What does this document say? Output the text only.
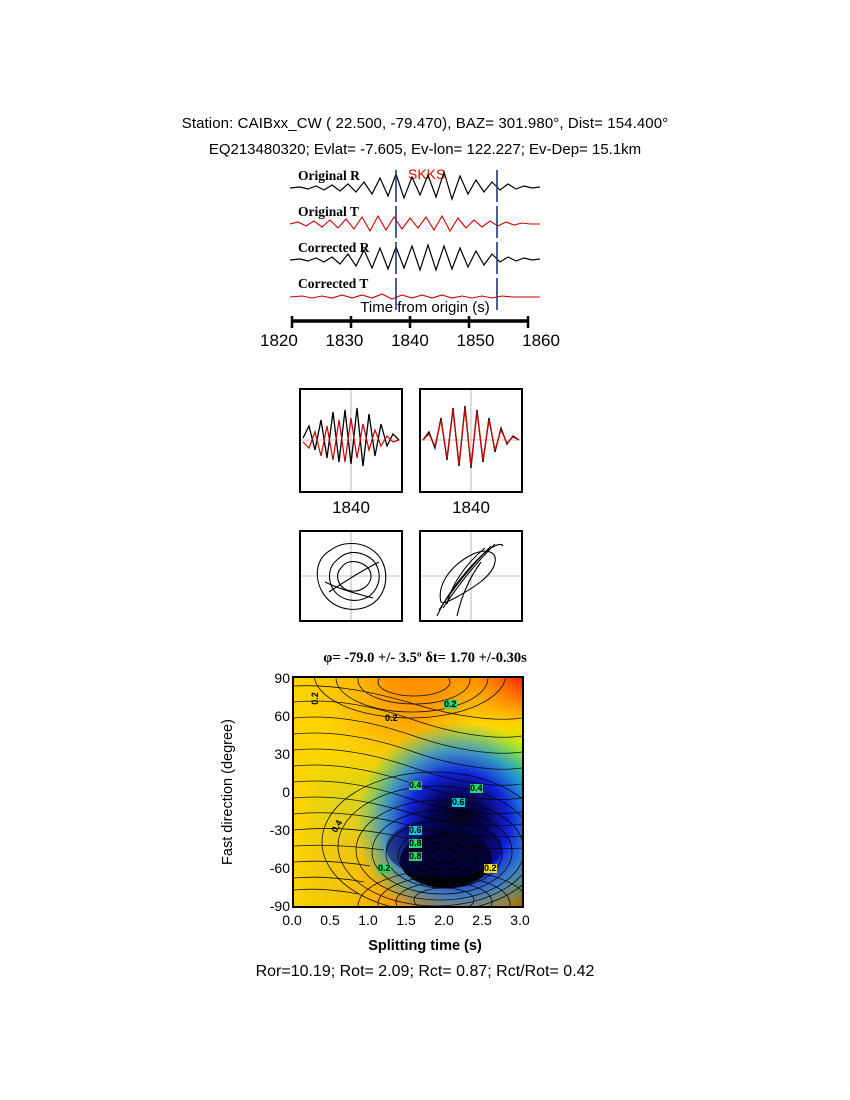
Station: CAIBxx_CW ( 22.500, -79.470), BAZ= 301.980°, Dist= 154.400°
EQ213480320; Evlat= -7.605, Ev-lon= 122.227; Ev-Dep= 15.1km
SKKS
Original R
Original T
Corrected R
Corrected T
Time from origin (s)
1820 1830 1840 1850 1860
1840	1840
φ= -79.0 +/- 3.5º δt= 1.70 +/-0.30s
Fast direction (degree)
90
60
30
0
-30
-60
-90
★
0.2
0.2
0.2
0.4	0.4
0.6
0.4	0.6
0.8
0.8
0.2	0.2
0.0	0.5	1.0	1.5	2.0	2.5	3.0
Splitting time (s)
Ror=10.19; Rot= 2.09; Rct= 0.87; Rct/Rot= 0.42
